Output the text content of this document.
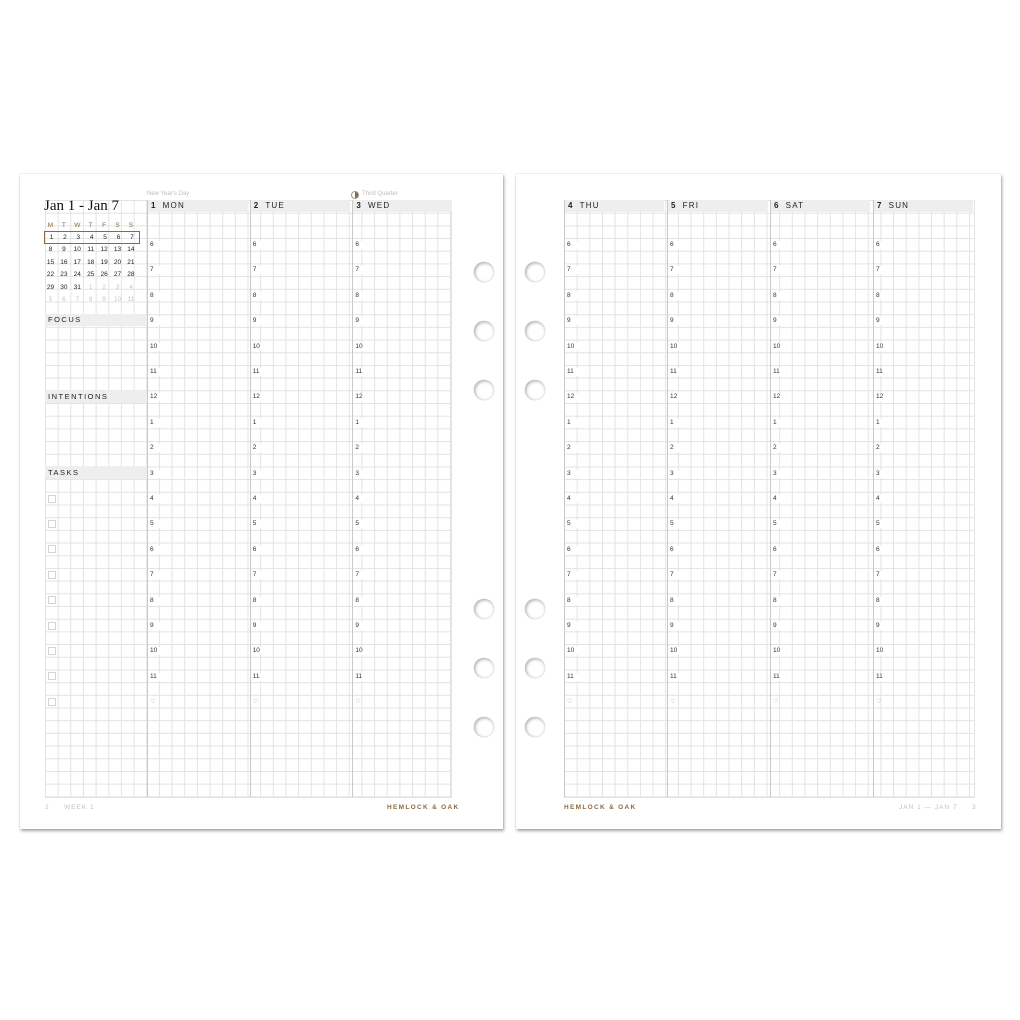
Jan 1 - Jan 7
New Year's Day	Third Quarter
M	T	W	T	F	S	S
1	2	3	4	5	6	7
8	9	10 11 12 13 14
15 16 17 18 19 20 21
22 23 24 25 26 27 28
29 30 31	1	2	3	4
5	6	7	8	9	10 11
FOCUS
INTENTIONS
TASKS
1 MON
6
7
8
9
10
11
12
1
2
3
4
5
6
7
8
9
10
11
♡
2 TUE
6
7
8
9
10
11
12
1
2
3
4
5
6
7
8
9
10
11
♡
3 WED
6
7
8
9
10
11
12
1
2
3
4
5
6
7
8
9
10
11
♡
2 WEEK 1	HEMLOCK & OAK
4 THU
6
7
8
9
10
11
12
1
2
3
4
5
6
7
8
9
10
11
♡
5 FRI
6
7
8
9
10
11
12
1
2
3
4
5
6
7
8
9
10
11
♡
6 SAT
6
7
8
9
10
11
12
1
2
3
4
5
6
7
8
9
10
11
♡
7 SUN
6
7
8
9
10
11
12
1
2
3
4
5
6
7
8
9
10
11
♡
HEMLOCK & OAK	JAN 1 — JAN 7 3
